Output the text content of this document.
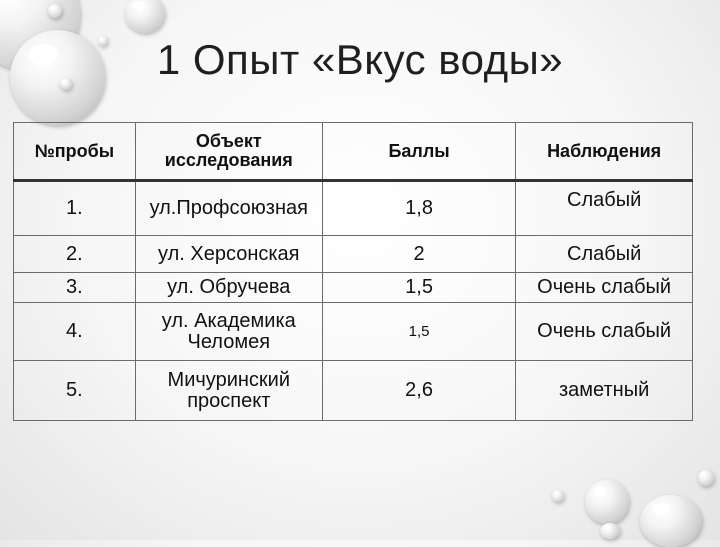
1 Опыт «Вкус воды»
№пробы	Объект исследования	Баллы	Наблюдения
1.	ул.Профсоюзная	1,8	Слабый
2.	ул. Херсонская	2	Слабый
3.	ул. Обручева	1,5	Очень слабый
4.	ул. Академика Челомея	1,5	Очень слабый
5.	Мичуринский проспект	2,6	заметный
